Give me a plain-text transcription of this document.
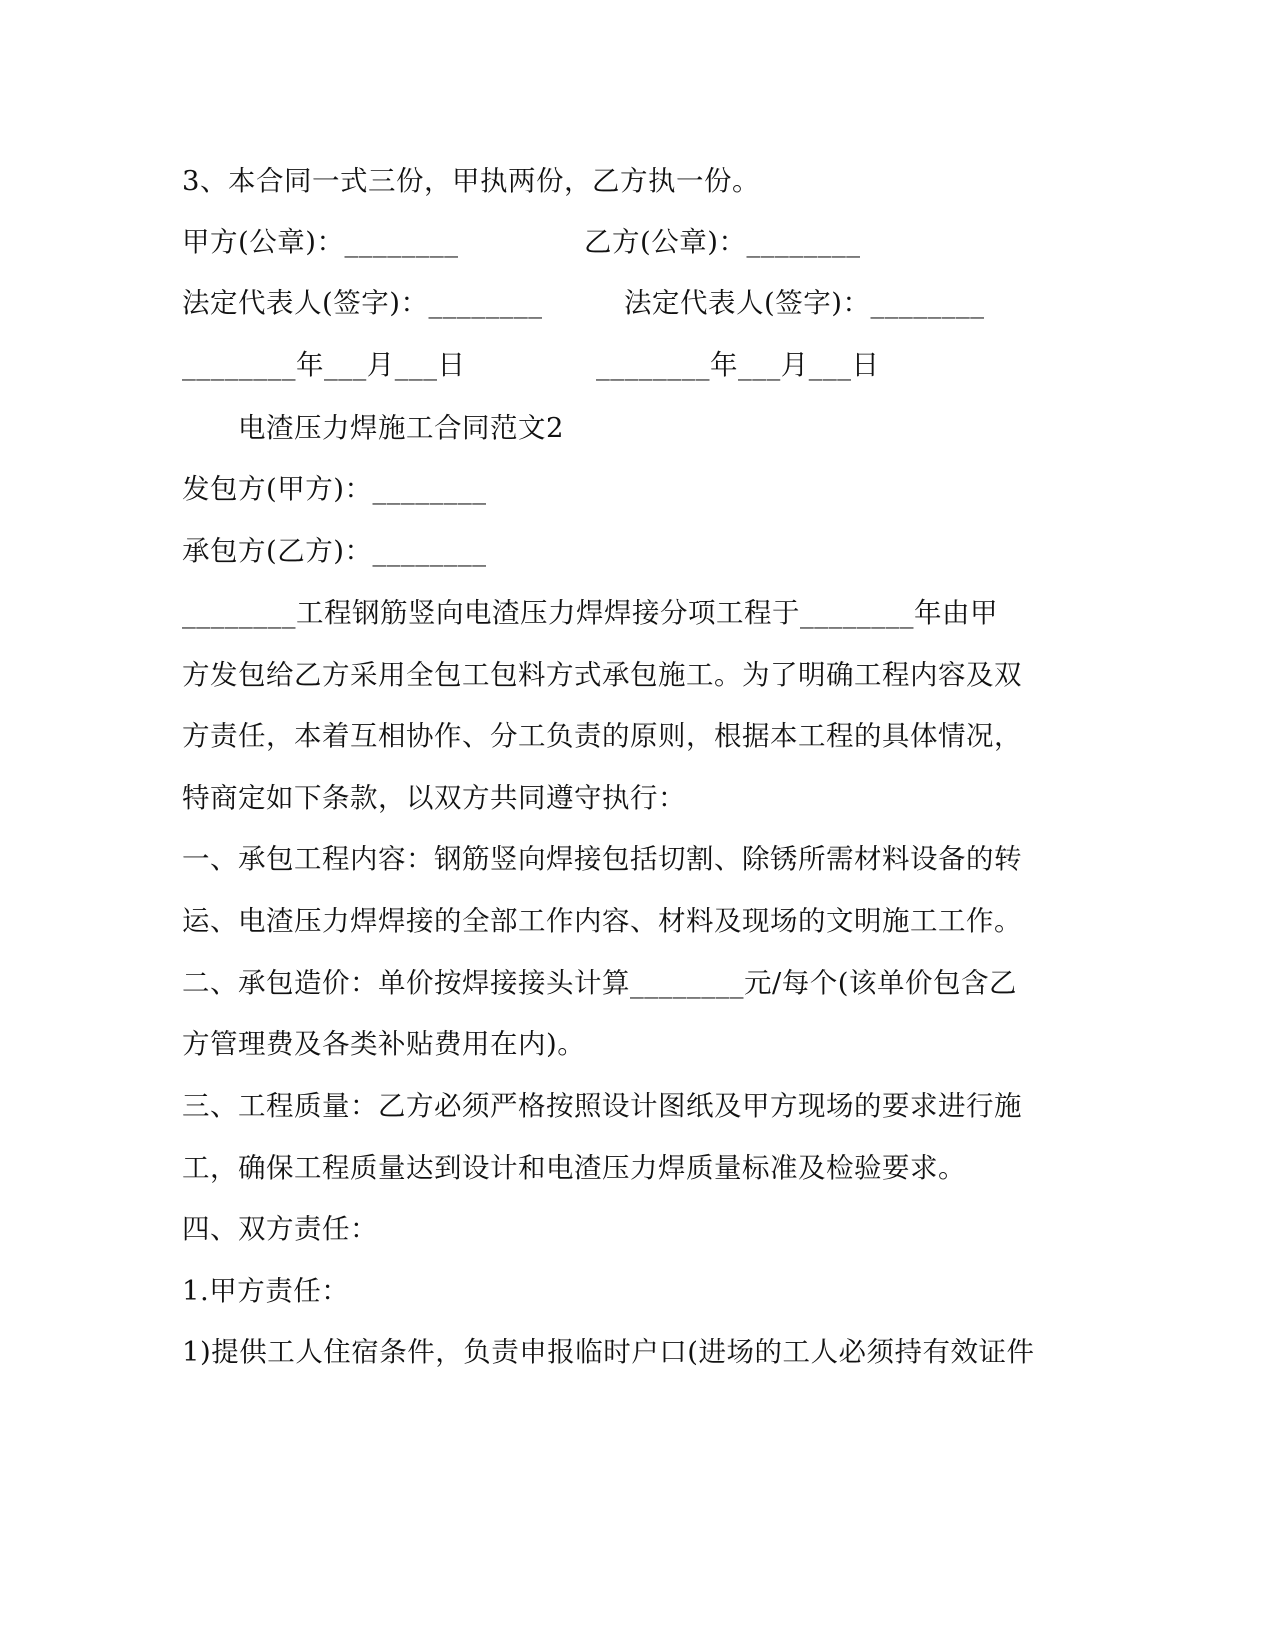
3、本合同一式三份，甲执两份，乙方执一份。
甲方(公章)：________	乙方(公章)：________
法定代表人(签字)：________	法定代表人(签字)：________
________年___月___日	________年___月___日
电渣压力焊施工合同范文2
发包方(甲方)：________
承包方(乙方)：________
________工程钢筋竖向电渣压力焊焊接分项工程于________年由甲
方发包给乙方采用全包工包料方式承包施工。为了明确工程内容及双
方责任，本着互相协作、分工负责的原则，根据本工程的具体情况，
特商定如下条款，以双方共同遵守执行：
一、承包工程内容：钢筋竖向焊接包括切割、除锈所需材料设备的转
运、电渣压力焊焊接的全部工作内容、材料及现场的文明施工工作。
二、承包造价：单价按焊接接头计算________元/每个(该单价包含乙
方管理费及各类补贴费用在内)。
三、工程质量：乙方必须严格按照设计图纸及甲方现场的要求进行施
工，确保工程质量达到设计和电渣压力焊质量标准及检验要求。
四、双方责任：
1.甲方责任：
1)提供工人住宿条件，负责申报临时户口(进场的工人必须持有效证件
